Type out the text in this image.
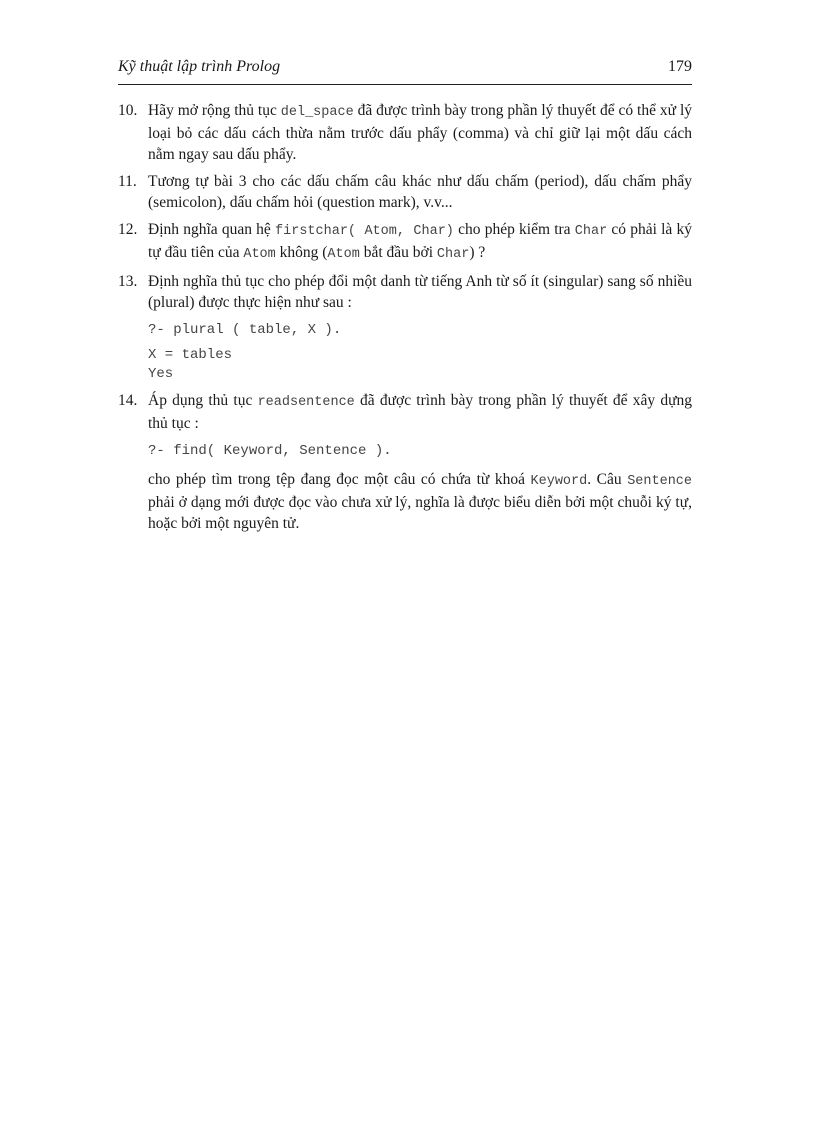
Kỹ thuật lập trình Prolog	179
10. Hãy mở rộng thủ tục del_space đã được trình bày trong phần lý thuyết để có thể xử lý loại bỏ các dấu cách thừa nằm trước dấu phẩy (comma) và chỉ giữ lại một dấu cách nằm ngay sau dấu phẩy.
11. Tương tự bài 3 cho các dấu chấm câu khác như dấu chấm (period), dấu chấm phẩy (semicolon), dấu chấm hỏi (question mark), v.v...
12. Định nghĩa quan hệ firstchar( Atom, Char) cho phép kiểm tra Char có phải là ký tự đầu tiên của Atom không (Atom bắt đầu bởi Char) ?
13. Định nghĩa thủ tục cho phép đổi một danh từ tiếng Anh từ số ít (singular) sang số nhiều (plural) được thực hiện như sau :
?- plural ( table, X ).
X = tables
Yes
14. Áp dụng thủ tục readsentence đã được trình bày trong phần lý thuyết để xây dựng thủ tục :
?- find( Keyword, Sentence ).
cho phép tìm trong tệp đang đọc một câu có chứa từ khoá Keyword. Câu Sentence phải ở dạng mới được đọc vào chưa xử lý, nghĩa là được biểu diễn bởi một chuỗi ký tự, hoặc bởi một nguyên tử.
